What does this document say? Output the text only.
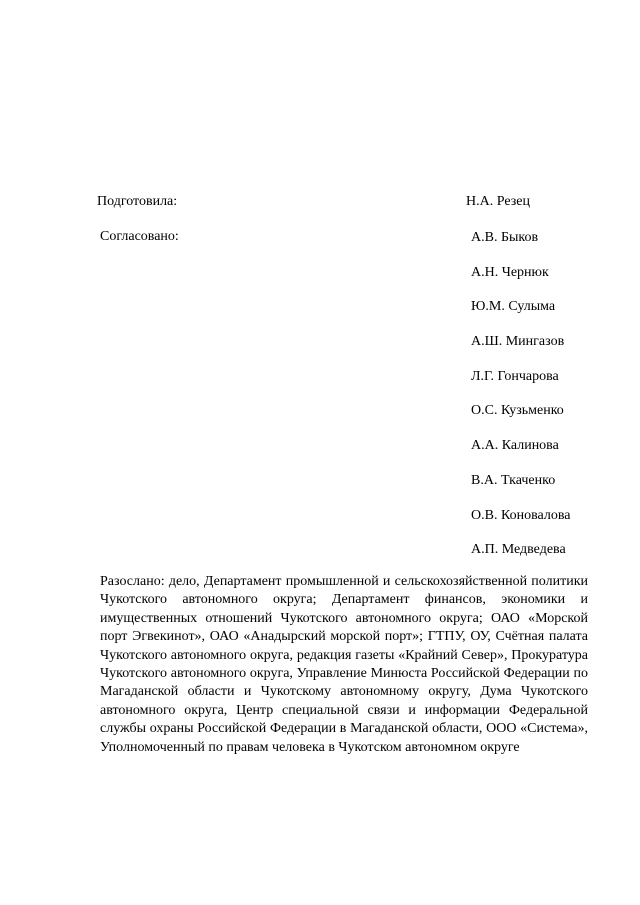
Подготовила:	Н.А. Резец
Согласовано:	А.В. Быков
А.Н. Чернюк
Ю.М. Сулыма
А.Ш. Мингазов
Л.Г. Гончарова
О.С. Кузьменко
А.А. Калинова
В.А. Ткаченко
О.В. Коновалова
А.П. Медведева

Разослано: дело, Департамент промышленной и сельскохозяйственной политики Чукотского автономного округа; Департамент финансов, экономики и имущественных отношений Чукотского автономного округа; ОАО «Морской порт Эгвекинот», ОАО «Анадырский морской порт»; ГТПУ, ОУ, Счётная палата Чукотского автономного округа, редакция газеты «Крайний Север», Прокуратура Чукотского автономного округа, Управление Минюста Российской Федерации по Магаданской области и Чукотскому автономному округу, Дума Чукотского автономного округа, Центр специальной связи и информации Федеральной службы охраны Российской Федерации в Магаданской области, ООО «Система», Уполномоченный по правам человека в Чукотском автономном округе
